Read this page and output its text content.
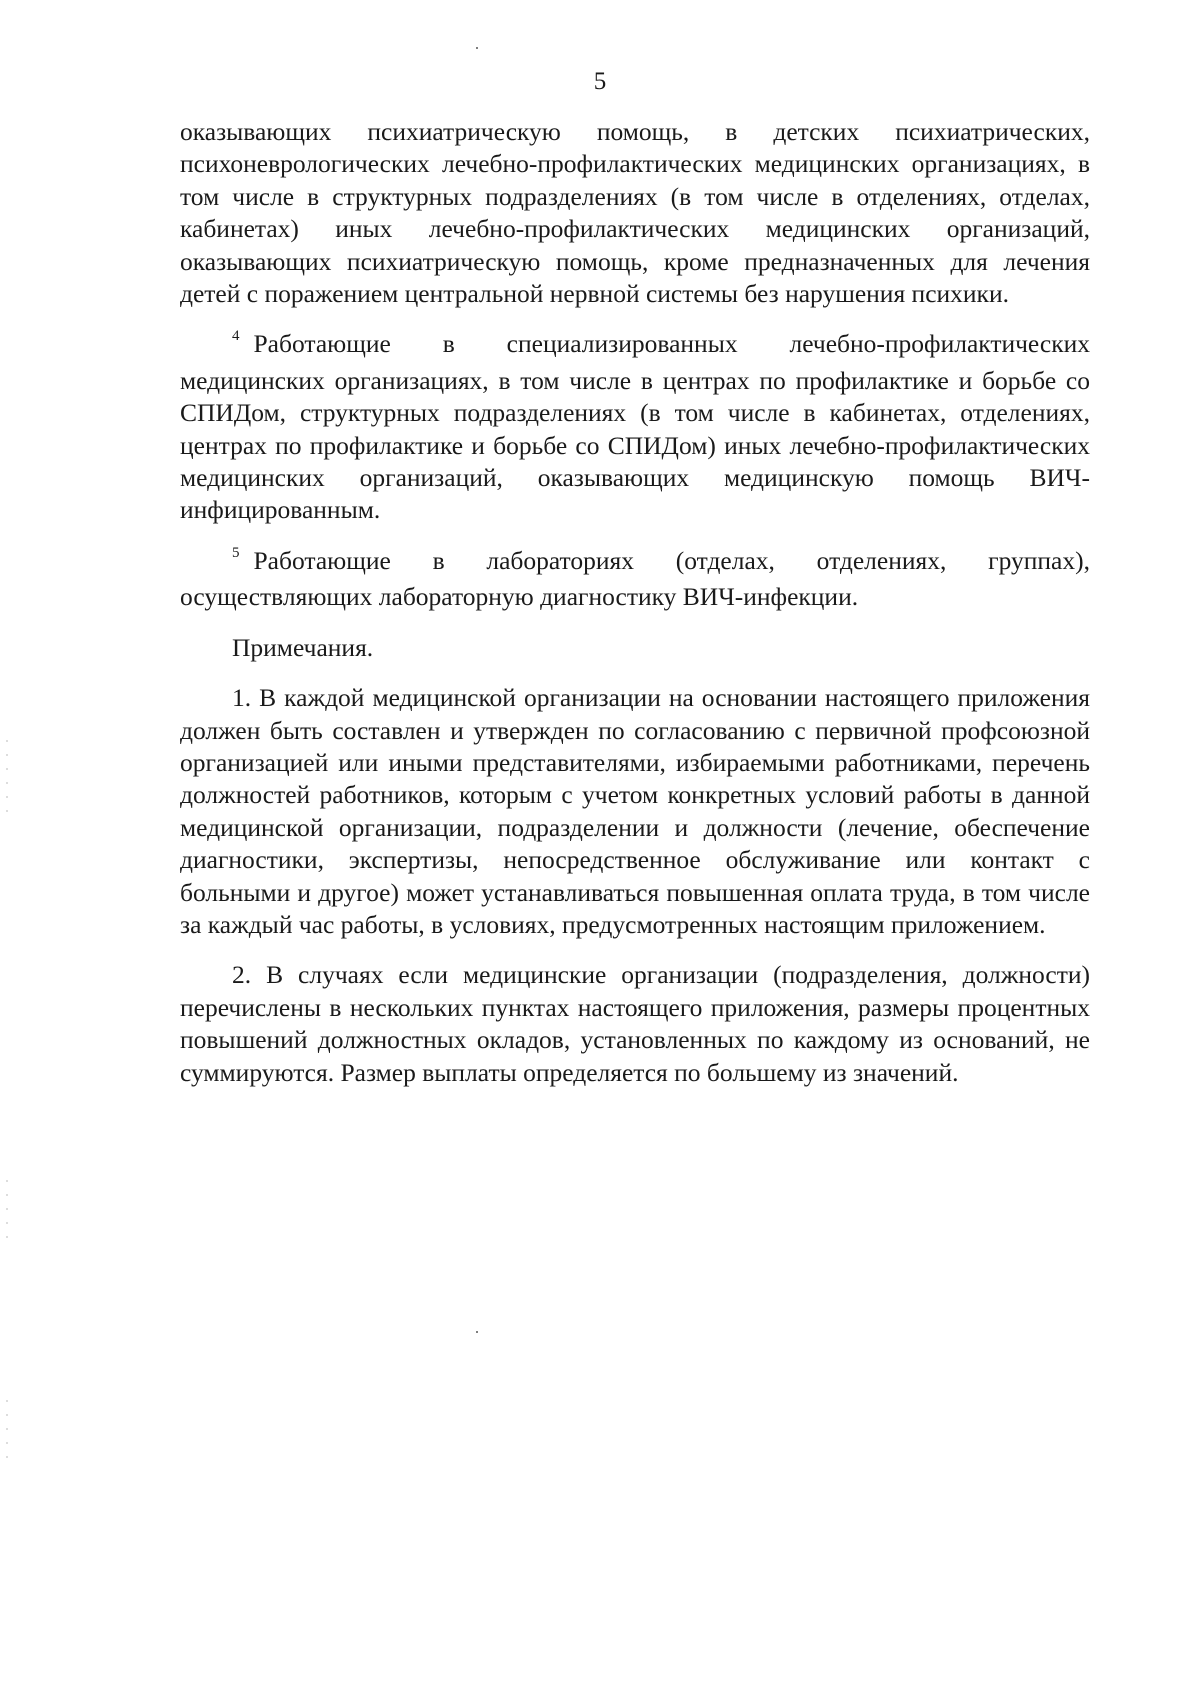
5

оказывающих психиатрическую помощь, в детских психиатрических, психоневрологических лечебно-профилактических медицинских организациях, в том числе в структурных подразделениях (в том числе в отделениях, отделах, кабинетах) иных лечебно-профилактических медицинских организаций, оказывающих психиатрическую помощь, кроме предназначенных для лечения детей с поражением центральной нервной системы без нарушения психики.

$^4$ Работающие в специализированных лечебно-профилактических медицинских организациях, в том числе в центрах по профилактике и борьбе со СПИДом, структурных подразделениях (в том числе в кабинетах, отделениях, центрах по профилактике и борьбе со СПИДом) иных лечебно-профилактических медицинских организаций, оказывающих медицинскую помощь ВИЧ-инфицированным.

$^5$ Работающие в лабораториях (отделах, отделениях, группах), осуществляющих лабораторную диагностику ВИЧ-инфекции.

Примечания.

1. В каждой медицинской организации на основании настоящего приложения должен быть составлен и утвержден по согласованию с первичной профсоюзной организацией или иными представителями, избираемыми работниками, перечень должностей работников, которым с учетом конкретных условий работы в данной медицинской организации, подразделении и должности (лечение, обеспечение диагностики, экспертизы, непосредственное обслуживание или контакт с больными и другое) может устанавливаться повышенная оплата труда, в том числе за каждый час работы, в условиях, предусмотренных настоящим приложением.

2. В случаях если медицинские организации (подразделения, должности) перечислены в нескольких пунктах настоящего приложения, размеры процентных повышений должностных окладов, установленных по каждому из оснований, не суммируются. Размер выплаты определяется по большему из значений.
